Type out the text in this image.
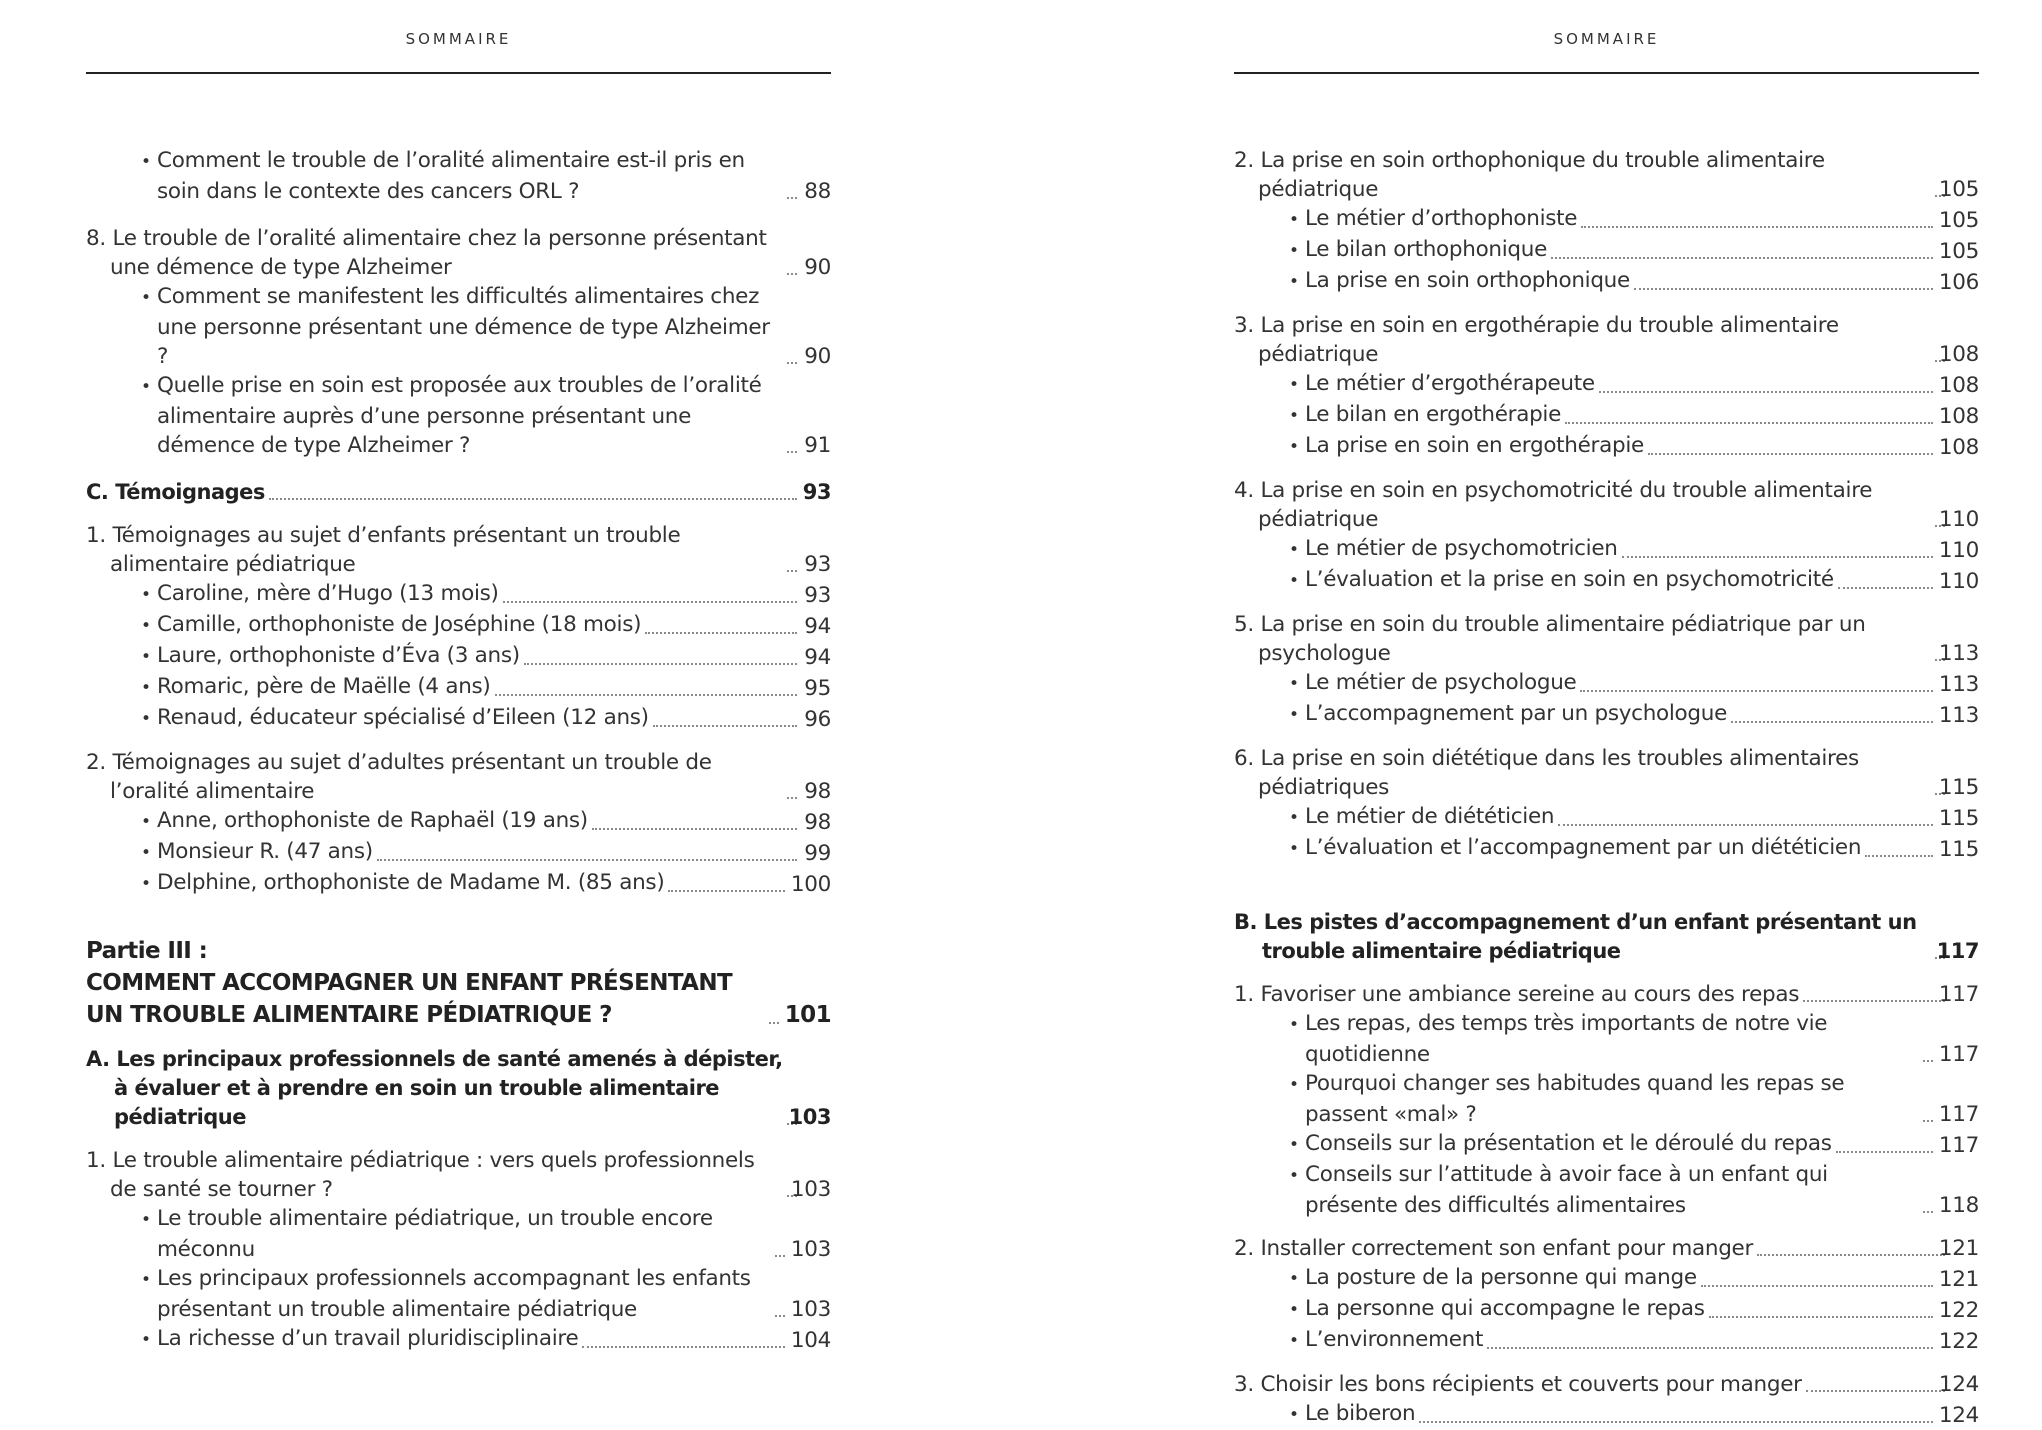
SOMMAIRE
• Comment le trouble de l’oralité alimentaire est-il pris en soin dans le contexte des cancers ORL ?	88
8. Le trouble de l’oralité alimentaire chez la personne présentant une démence de type Alzheimer	90
• Comment se manifestent les difficultés alimentaires chez une personne présentant une démence de type Alzheimer ?	90
• Quelle prise en soin est proposée aux troubles de l’oralité alimentaire auprès d’une personne présentant une démence de type Alzheimer ?	91
C. Témoignages	93
1. Témoignages au sujet d’enfants présentant un trouble alimentaire pédiatrique	93
• Caroline, mère d’Hugo (13 mois)	93
• Camille, orthophoniste de Joséphine (18 mois)	94
• Laure, orthophoniste d’Éva (3 ans)	94
• Romaric, père de Maëlle (4 ans)	95
• Renaud, éducateur spécialisé d’Eileen (12 ans)	96
2. Témoignages au sujet d’adultes présentant un trouble de l’oralité alimentaire	98
• Anne, orthophoniste de Raphaël (19 ans)	98
• Monsieur R. (47 ans)	99
• Delphine, orthophoniste de Madame M. (85 ans)	100
Partie III :
COMMENT ACCOMPAGNER UN ENFANT PRÉSENTANT UN TROUBLE ALIMENTAIRE PÉDIATRIQUE ?	101
A. Les principaux professionnels de santé amenés à dépister, à évaluer et à prendre en soin un trouble alimentaire pédiatrique	103
1. Le trouble alimentaire pédiatrique : vers quels professionnels de santé se tourner ?	103
• Le trouble alimentaire pédiatrique, un trouble encore méconnu	103
• Les principaux professionnels accompagnant les enfants présentant un trouble alimentaire pédiatrique	103
• La richesse d’un travail pluridisciplinaire	104
SOMMAIRE
2. La prise en soin orthophonique du trouble alimentaire pédiatrique	105
• Le métier d’orthophoniste	105
• Le bilan orthophonique	105
• La prise en soin orthophonique	106
3. La prise en soin en ergothérapie du trouble alimentaire pédiatrique	108
• Le métier d’ergothérapeute	108
• Le bilan en ergothérapie	108
• La prise en soin en ergothérapie	108
4. La prise en soin en psychomotricité du trouble alimentaire pédiatrique	110
• Le métier de psychomotricien	110
• L’évaluation et la prise en soin en psychomotricité	110
5. La prise en soin du trouble alimentaire pédiatrique par un psychologue	113
• Le métier de psychologue	113
• L’accompagnement par un psychologue	113
6. La prise en soin diététique dans les troubles alimentaires pédiatriques	115
• Le métier de diététicien	115
• L’évaluation et l’accompagnement par un diététicien	115
B. Les pistes d’accompagnement d’un enfant présentant un trouble alimentaire pédiatrique	117
1. Favoriser une ambiance sereine au cours des repas	117
• Les repas, des temps très importants de notre vie quotidienne	117
• Pourquoi changer ses habitudes quand les repas se passent «mal» ?	117
• Conseils sur la présentation et le déroulé du repas	117
• Conseils sur l’attitude à avoir face à un enfant qui présente des difficultés alimentaires	118
2. Installer correctement son enfant pour manger	121
• La posture de la personne qui mange	121
• La personne qui accompagne le repas	122
• L’environnement	122
3. Choisir les bons récipients et couverts pour manger	124
• Le biberon	124
